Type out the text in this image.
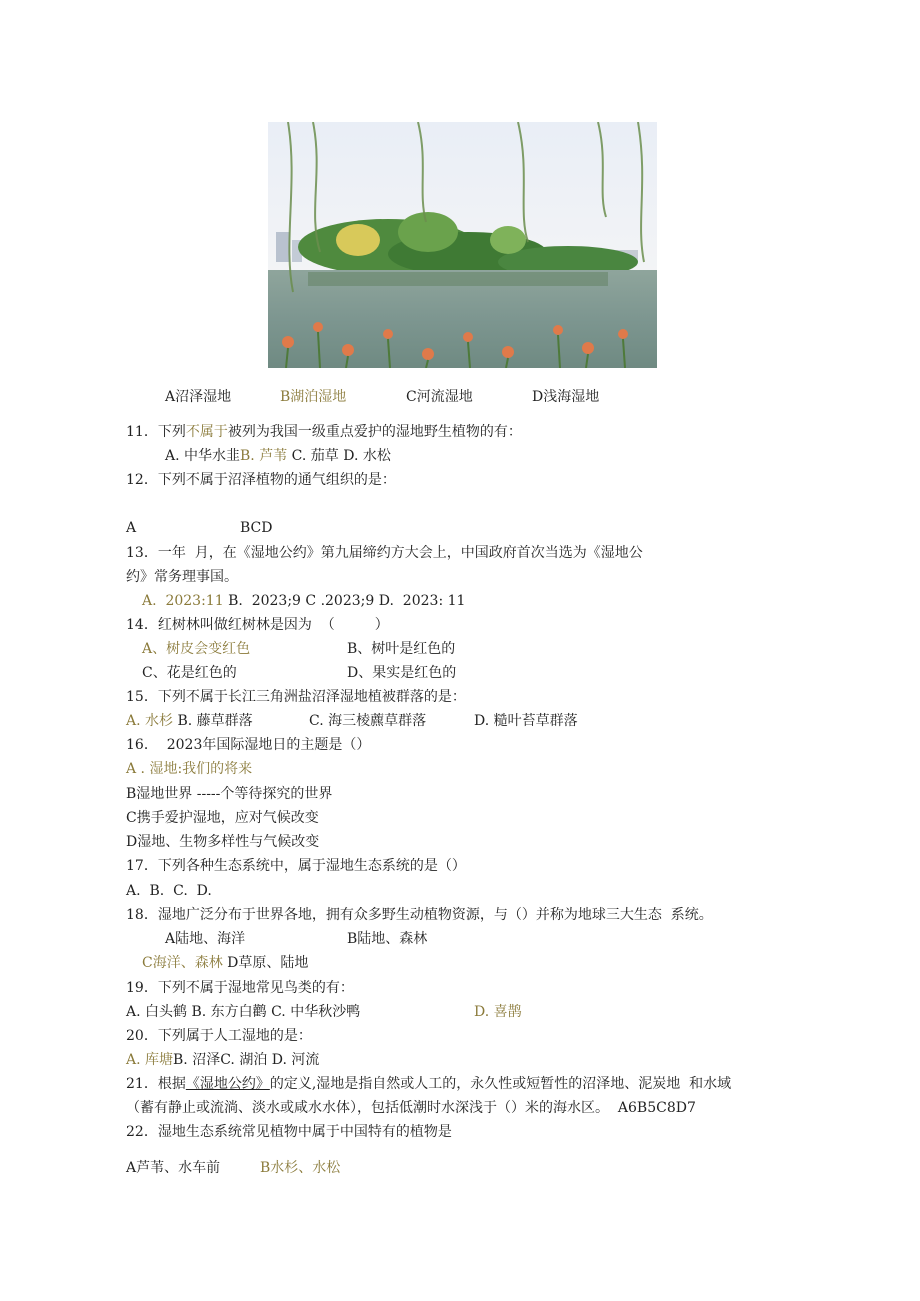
A沼泽湿地	B湖泊湿地	C河流湿地	D浅海湿地
11．下列不属于被列为我国一级重点爱护的湿地野生植物的有：
A. 中华水韭B. 芦苇 C. 茄草 D. 水松
12．下列不属于沼泽植物的通气组织的是：
A	BCD
13．一年  月，在《湿地公约》第九届缔约方大会上，中国政府首次当选为《湿地公
约》常务理事国。
A.  2023:11 B.  2023;9 C .2023;9 D.  2023: 11
14．红树林叫做红树林是因为  （         ）
A、树皮会变红色	B、树叶是红色的
C、花是红色的	D、果实是红色的
15．下列不属于长江三角洲盐沼泽湿地植被群落的是：
A. 水杉 B. 藤草群落	C. 海三棱藨草群落	D. 糙叶苔草群落
16．  2023年国际湿地日的主题是（）
A . 湿地:我们的将来
B湿地世界 -----个等待探究的世界
C携手爱护湿地，应对气候改变
D湿地、生物多样性与气候改变
17．下列各种生态系统中，属于湿地生态系统的是（）
A.  B.  C.  D.
18．湿地广泛分布于世界各地，拥有众多野生动植物资源，与（）并称为地球三大生态  系统。
A陆地、海洋	B陆地、森林
C海洋、森林 D草原、陆地
19．下列不属于湿地常见鸟类的有：
A. 白头鹤 B. 东方白鹳 C. 中华秋沙鸭	D. 喜鹊
20．下列属于人工湿地的是：
A. 库塘B. 沼泽C. 湖泊 D. 河流
21．根据《湿地公约》的定义,湿地是指自然或人工的，永久性或短暂性的沼泽地、泥炭地  和水域
（蓄有静止或流淌、淡水或咸水水体），包括低潮时水深浅于（）米的海水区。  A6B5C8D7
22．湿地生态系统常见植物中属于中国特有的植物是
A芦苇、水车前	B水杉、水松
